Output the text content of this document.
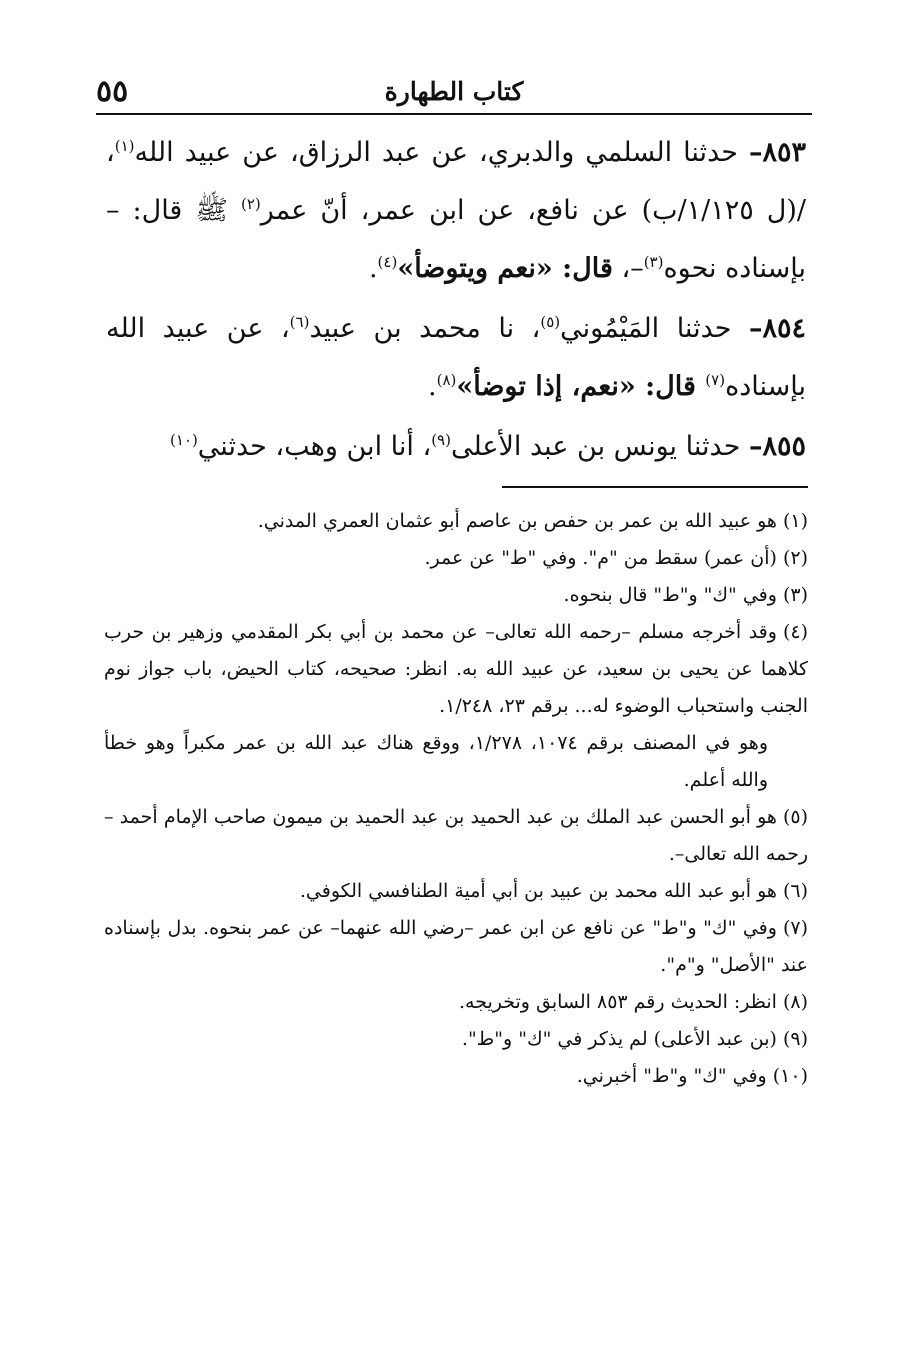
كتاب الطهارة
٥٥

٨٥٣– حدثنا السلمي والدبري، عن عبد الرزاق، عن عبيد الله$^{(١)}$، /(ل ١/١٢٥/ب) عن نافع، عن ابن عمر، أنّ عمر$^{(٢)}$ ﷺ قال: –بإسناده نحوه$^{(٣)}$–، قال: «نعم ويتوضأ»$^{(٤)}$.

٨٥٤– حدثنا المَيْمُوني$^{(٥)}$، نا محمد بن عبيد$^{(٦)}$، عن عبيد الله بإسناده$^{(٧)}$ قال: «نعم، إذا توضأ»$^{(٨)}$.

٨٥٥– حدثنا يونس بن عبد الأعلى$^{(٩)}$، أنا ابن وهب، حدثني$^{(١٠)}$

(١)هو عبيد الله بن عمر بن حفص بن عاصم أبو عثمان العمري المدني.

(٢)(أن عمر) سقط من "م". وفي "ط" عن عمر.

(٣)وفي "ك" و"ط" قال بنحوه.

(٤)وقد أخرجه مسلم –رحمه الله تعالى– عن محمد بن أبي بكر المقدمي وزهير بن حرب كلاهما عن يحيى بن سعيد، عن عبيد الله به. انظر: صحيحه، كتاب الحيض، باب جواز نوم الجنب واستحباب الوضوء له... برقم ٢٣، ١/٢٤٨.

وهو في المصنف برقم ١٠٧٤، ١/٢٧٨، ووقع هناك عبد الله بن عمر مكبراً وهو خطأ والله أعلم.

(٥)هو أبو الحسن عبد الملك بن عبد الحميد بن عبد الحميد بن ميمون صاحب الإمام أحمد –رحمه الله تعالى–.

(٦)هو أبو عبد الله محمد بن عبيد بن أبي أمية الطنافسي الكوفي.

(٧)وفي "ك" و"ط" عن نافع عن ابن عمر –رضي الله عنهما– عن عمر بنحوه. بدل بإسناده عند "الأصل" و"م".

(٨)انظر: الحديث رقم ٨٥٣ السابق وتخريجه.

(٩)(بن عبد الأعلى) لم يذكر في "ك" و"ط".

(١٠)وفي "ك" و"ط" أخبرني.
